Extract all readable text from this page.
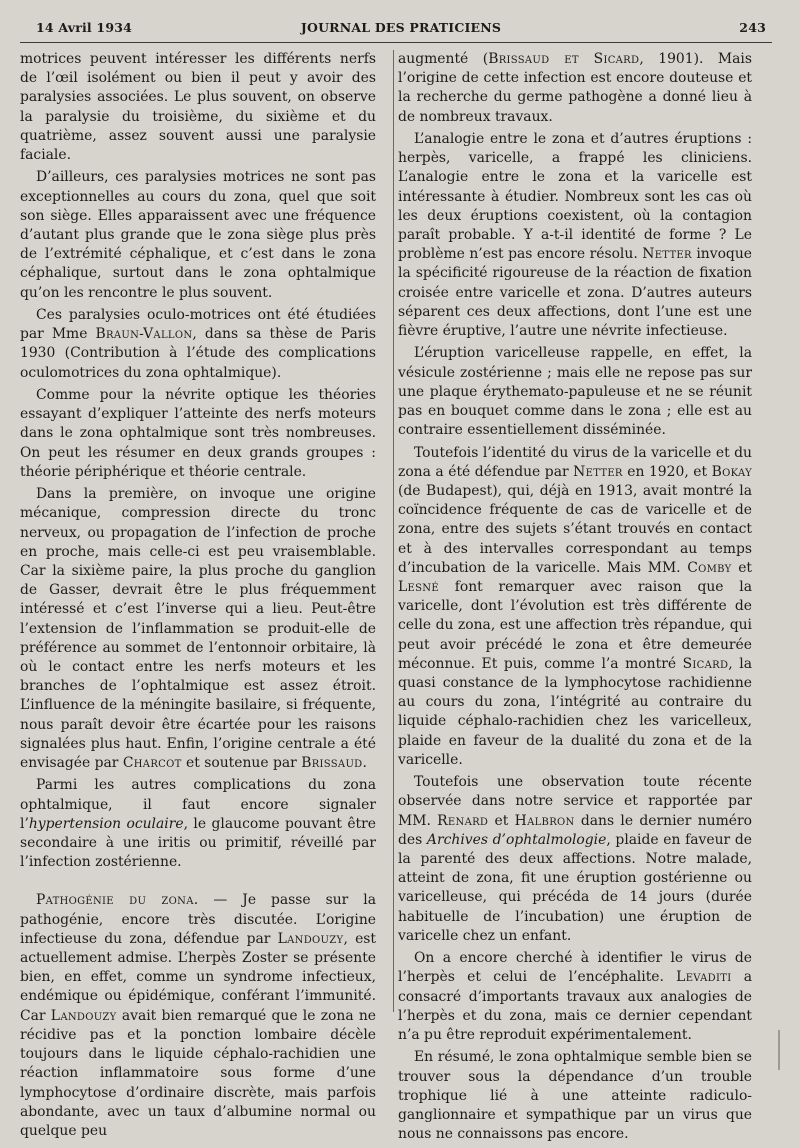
14 Avril 1934	JOURNAL DES PRATICIENS	243

motrices peuvent intéresser les différents nerfs de l’œil isolément ou bien il peut y avoir des paralysies associées. Le plus souvent, on observe la paralysie du troisième, du sixième et du quatrième, assez souvent aussi une paralysie faciale.

D’ailleurs, ces paralysies motrices ne sont pas exceptionnelles au cours du zona, quel que soit son siège. Elles apparaissent avec une fréquence d’autant plus grande que le zona siège plus près de l’extrémité céphalique, et c’est dans le zona céphalique, surtout dans le zona ophtalmique qu’on les rencontre le plus souvent.

Ces paralysies oculo-motrices ont été étudiées par Mme Braun-Vallon, dans sa thèse de Paris 1930 (Contribution à l’étude des complications oculomotrices du zona ophtalmique).

Comme pour la névrite optique les théories essayant d’expliquer l’atteinte des nerfs moteurs dans le zona ophtalmique sont très nombreuses. On peut les résumer en deux grands groupes : théorie périphérique et théorie centrale.

Dans la première, on invoque une origine mécanique, compression directe du tronc nerveux, ou propagation de l’infection de proche en proche, mais celle-ci est peu vraisemblable. Car la sixième paire, la plus proche du ganglion de Gasser, devrait être le plus fréquemment intéressé et c’est l’inverse qui a lieu. Peut-être l’extension de l’inflammation se produit-elle de préférence au sommet de l’entonnoir orbitaire, là où le contact entre les nerfs moteurs et les branches de l’ophtalmique est assez étroit. L’influence de la méningite basilaire, si fréquente, nous paraît devoir être écartée pour les raisons signalées plus haut. Enfin, l’origine centrale a été envisagée par Charcot et soutenue par Brissaud.

Parmi les autres complications du zona ophtalmique, il faut encore signaler l’hypertension oculaire, le glaucome pouvant être secondaire à une iritis ou primitif, réveillé par l’infection zostérienne.

Pathogénie du zona. — Je passe sur la pathogénie, encore très discutée. L’origine infectieuse du zona, défendue par Landouzy, est actuellement admise. L’herpès Zoster se présente bien, en effet, comme un syndrome infectieux, endémique ou épidémique, conférant l’immunité. Car Landouzy avait bien remarqué que le zona ne récidive pas et la ponction lombaire décèle toujours dans le liquide céphalo-rachidien une réaction inflammatoire sous forme d’une lymphocytose d’ordinaire discrète, mais parfois abondante, avec un taux d’albumine normal ou quelque peu

augmenté (Brissaud et Sicard, 1901). Mais l’origine de cette infection est encore douteuse et la recherche du germe pathogène a donné lieu à de nombreux travaux.

L’analogie entre le zona et d’autres éruptions : herpès, varicelle, a frappé les cliniciens. L’analogie entre le zona et la varicelle est intéressante à étudier. Nombreux sont les cas où les deux éruptions coexistent, où la contagion paraît probable. Y a-t-il identité de forme ? Le problème n’est pas encore résolu. Netter invoque la spécificité rigoureuse de la réaction de fixation croisée entre varicelle et zona. D’autres auteurs séparent ces deux affections, dont l’une est une fièvre éruptive, l’autre une névrite infectieuse.

L’éruption varicelleuse rappelle, en effet, la vésicule zostérienne ; mais elle ne repose pas sur une plaque érythemato-papuleuse et ne se réunit pas en bouquet comme dans le zona ; elle est au contraire essentiellement disséminée.

Toutefois l’identité du virus de la varicelle et du zona a été défendue par Netter en 1920, et Bokay (de Budapest), qui, déjà en 1913, avait montré la coïncidence fréquente de cas de varicelle et de zona, entre des sujets s’étant trouvés en contact et à des intervalles correspondant au temps d’incubation de la varicelle. Mais MM. Comby et Lesné font remarquer avec raison que la varicelle, dont l’évolution est très différente de celle du zona, est une affection très répandue, qui peut avoir précédé le zona et être demeurée méconnue. Et puis, comme l’a montré Sicard, la quasi constance de la lymphocytose rachidienne au cours du zona, l’intégrité au contraire du liquide céphalo-rachidien chez les varicelleux, plaide en faveur de la dualité du zona et de la varicelle.

Toutefois une observation toute récente observée dans notre service et rapportée par MM. Renard et Halbron dans le dernier numéro des Archives d’ophtalmologie, plaide en faveur de la parenté des deux affections. Notre malade, atteint de zona, fit une éruption gostérienne ou varicelleuse, qui précéda de 14 jours (durée habituelle de l’incubation) une éruption de varicelle chez un enfant.

On a encore cherché à identifier le virus de l’herpès et celui de l’encéphalite. Levaditi a consacré d’importants travaux aux analogies de l’herpès et du zona, mais ce dernier cependant n’a pu être reproduit expérimentalement.

En résumé, le zona ophtalmique semble bien se trouver sous la dépendance d’un trouble trophique lié à une atteinte radiculo-ganglionnaire et sympathique par un virus que nous ne connaissons pas encore.
